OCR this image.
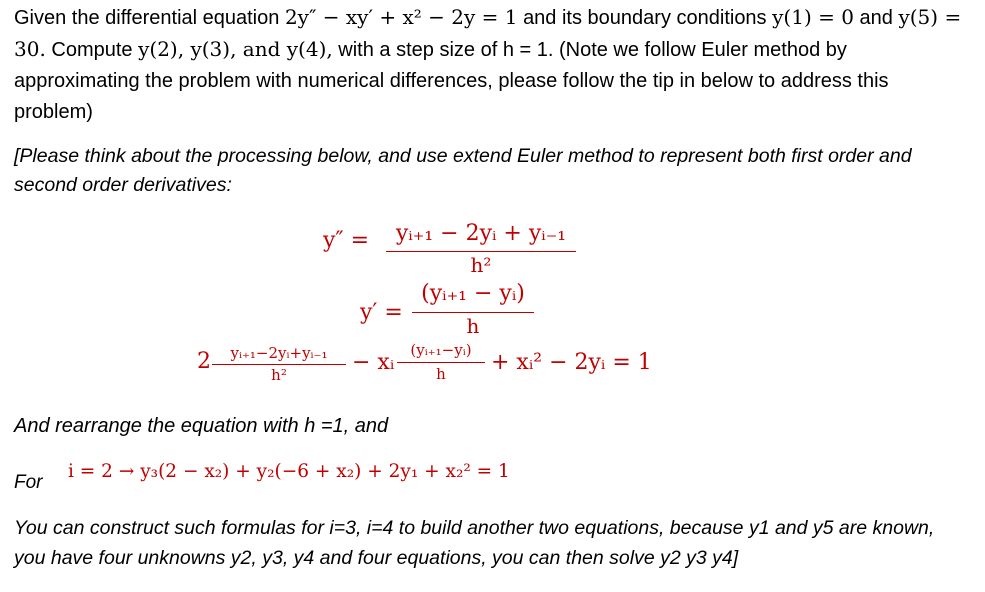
Given the differential equation 2y″ − xy′ + x² − 2y = 1 and its boundary conditions y(1) = 0 and y(5) = 30. Compute y(2), y(3), and y(4), with a step size of h = 1. (Note we follow Euler method by approximating the problem with numerical differences, please follow the tip in below to address this problem)
[Please think about the processing below, and use extend Euler method to represent both first order and second order derivatives:
y″ =	yᵢ₊₁ − 2yᵢ + yᵢ₋₁
h²
y′ =
(yᵢ₊₁ − yᵢ)
h
2	yᵢ₊₁−2yᵢ+yᵢ₋₁
h²	− xᵢ	(yᵢ₊₁−yᵢ)
h	+ xᵢ² − 2yᵢ = 1
And rearrange the equation with h =1, and
For
i = 2 → y₃(2 − x₂) + y₂(−6 + x₂) + 2y₁ + x₂² = 1
You can construct such formulas for i=3, i=4 to build another two equations, because y1 and y5 are known, you have four unknowns y2, y3, y4 and four equations, you can then solve y2 y3 y4]
